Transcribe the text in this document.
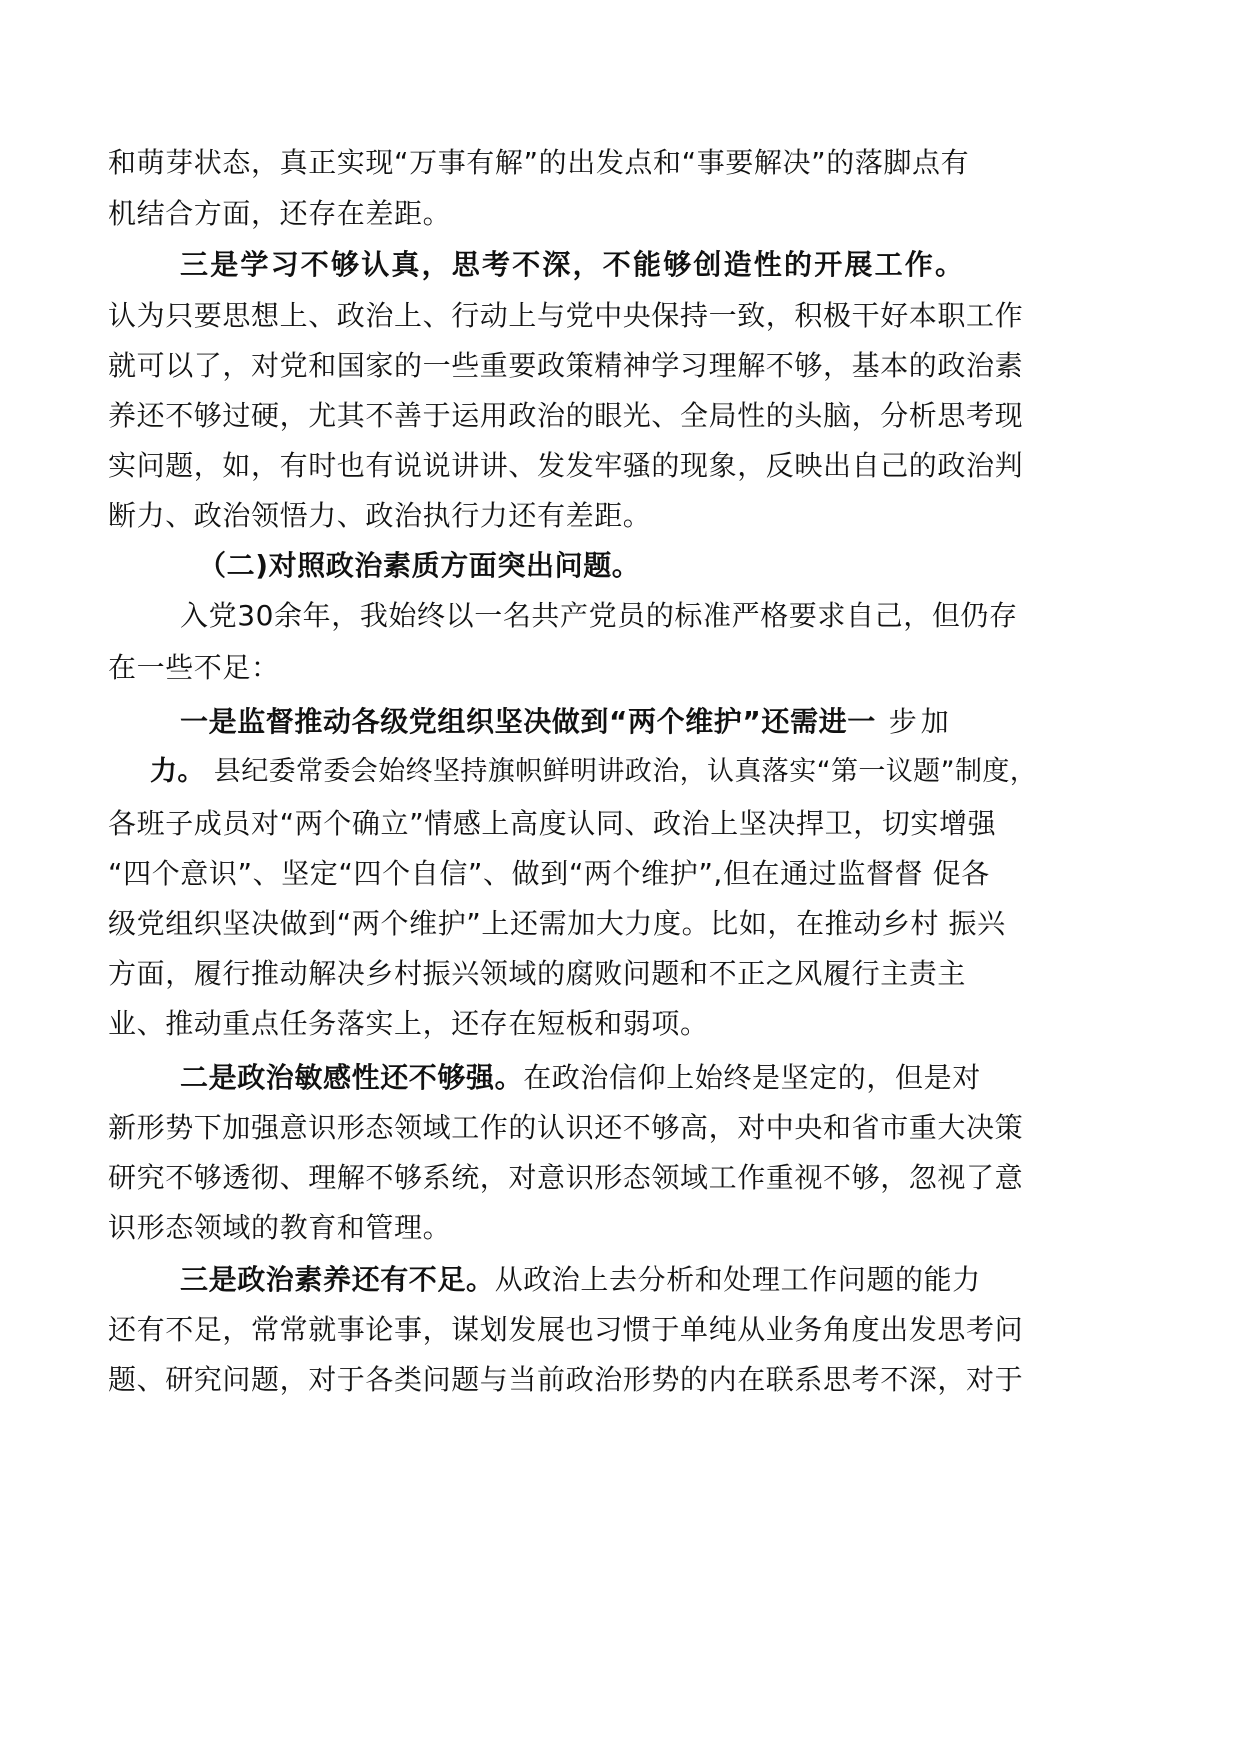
和萌芽状态，真正实现“万事有解”的出发点和“事要解决”的落脚点有
机结合方面，还存在差距。
三是学习不够认真，思考不深，不能够创造性的开展工作。
认为只要思想上、政治上、行动上与党中央保持一致，积极干好本职工作
就可以了，对党和国家的一些重要政策精神学习理解不够，基本的政治素
养还不够过硬，尤其不善于运用政治的眼光、全局性的头脑，分析思考现
实问题，如，有时也有说说讲讲、发发牢骚的现象，反映出自己的政治判
断力、政治领悟力、政治执行力还有差距。
（二)对照政治素质方面突出问题。
入党30余年，我始终以一名共产党员的标准严格要求自己，但仍存
在一些不足：
一是监督推动各级党组织坚决做到“两个维护”还需进一 步加
力。 县纪委常委会始终坚持旗帜鲜明讲政治，认真落实“第一议题”制度，
各班子成员对“两个确立”情感上高度认同、政治上坚决捍卫，切实增强
“四个意识”、坚定“四个自信”、做到“两个维护”,但在通过监督督 促各
级党组织坚决做到“两个维护”上还需加大力度。比如，在推动乡村 振兴
方面，履行推动解决乡村振兴领域的腐败问题和不正之风履行主责主
业、推动重点任务落实上，还存在短板和弱项。
二是政治敏感性还不够强。在政治信仰上始终是坚定的，但是对
新形势下加强意识形态领域工作的认识还不够高，对中央和省市重大决策
研究不够透彻、理解不够系统，对意识形态领域工作重视不够，忽视了意
识形态领域的教育和管理。
三是政治素养还有不足。从政治上去分析和处理工作问题的能力
还有不足，常常就事论事，谋划发展也习惯于单纯从业务角度出发思考问
题、研究问题，对于各类问题与当前政治形势的内在联系思考不深，对于
